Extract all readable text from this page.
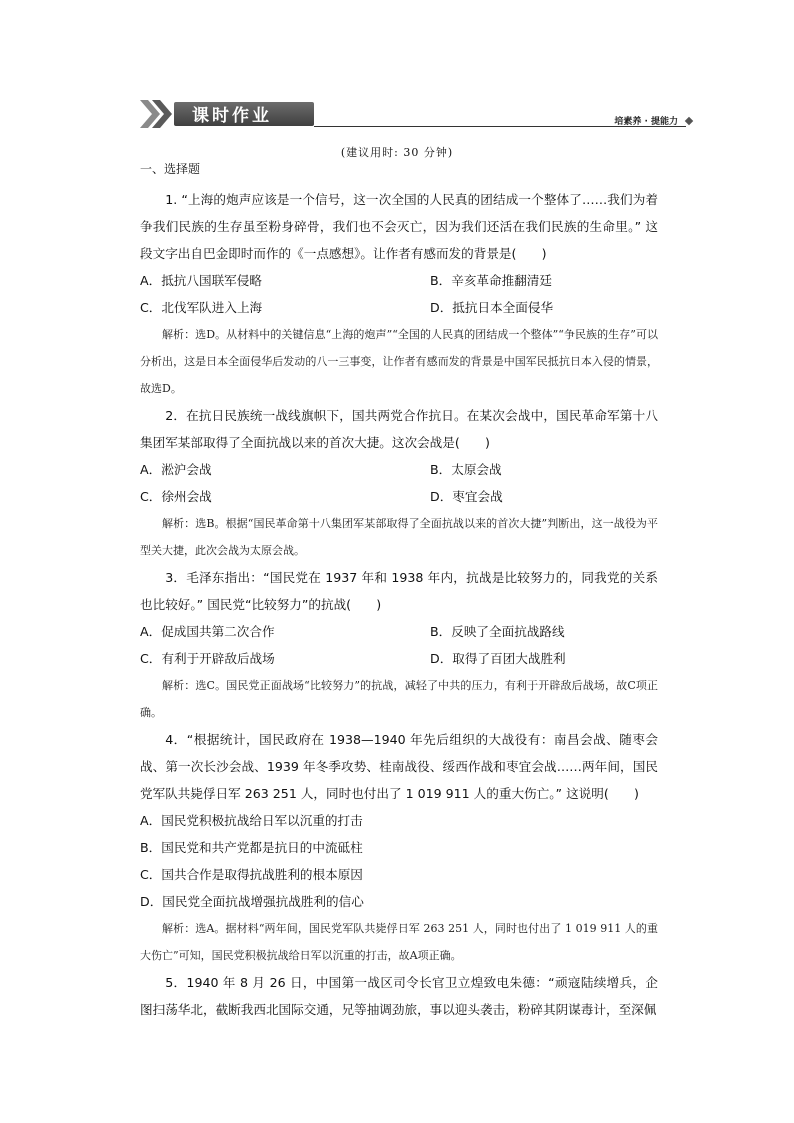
课时作业	培素养 · 提能力
(建议用时: 30 分钟)
一、选择题

1. “上海的炮声应该是一个信号，这一次全国的人民真的团结成一个整体了……我们为着争我们民族的生存虽至粉身碎骨，我们也不会灭亡，因为我们还活在我们民族的生命里。” 这段文字出自巴金即时而作的《一点感想》。让作者有感而发的背景是(　　)

A．抵抗八国联军侵略	B．辛亥革命推翻清廷
C．北伐军队进入上海	D．抵抗日本全面侵华

解析：选D。从材料中的关键信息“上海的炮声”“全国的人民真的团结成一个整体”“争民族的生存”可以分析出，这是日本全面侵华后发动的八一三事变，让作者有感而发的背景是中国军民抵抗日本入侵的情景，故选D。

2．在抗日民族统一战线旗帜下，国共两党合作抗日。在某次会战中，国民革命军第十八集团军某部取得了全面抗战以来的首次大捷。这次会战是(　　)

A．淞沪会战	B．太原会战
C．徐州会战	D．枣宜会战

解析：选B。根据“国民革命第十八集团军某部取得了全面抗战以来的首次大捷”判断出，这一战役为平型关大捷，此次会战为太原会战。

3．毛泽东指出：“国民党在 1937 年和 1938 年内，抗战是比较努力的，同我党的关系也比较好。” 国民党“比较努力”的抗战(　　)

A．促成国共第二次合作	B．反映了全面抗战路线
C．有利于开辟敌后战场	D．取得了百团大战胜利

解析：选C。国民党正面战场“比较努力”的抗战，减轻了中共的压力，有利于开辟敌后战场，故C项正确。

4．“根据统计，国民政府在 1938—1940 年先后组织的大战役有：南昌会战、随枣会战、第一次长沙会战、1939 年冬季攻势、桂南战役、绥西作战和枣宜会战……两年间，国民党军队共毙俘日军 263 251 人，同时也付出了 1 019 911 人的重大伤亡。” 这说明(　　)

A．国民党积极抗战给日军以沉重的打击
B．国民党和共产党都是抗日的中流砥柱
C．国共合作是取得抗战胜利的根本原因
D．国民党全面抗战增强抗战胜利的信心

解析：选A。据材料“两年间，国民党军队共毙俘日军 263 251 人，同时也付出了 1 019 911 人的重大伤亡”可知，国民党积极抗战给日军以沉重的打击，故A项正确。

5．1940 年 8 月 26 日，中国第一战区司令长官卫立煌致电朱德：“顽寇陆续增兵，企图扫荡华北，截断我西北国际交通，兄等抽调劲旅，事以迎头袭击，粉碎其阴谋毒计，至深佩
